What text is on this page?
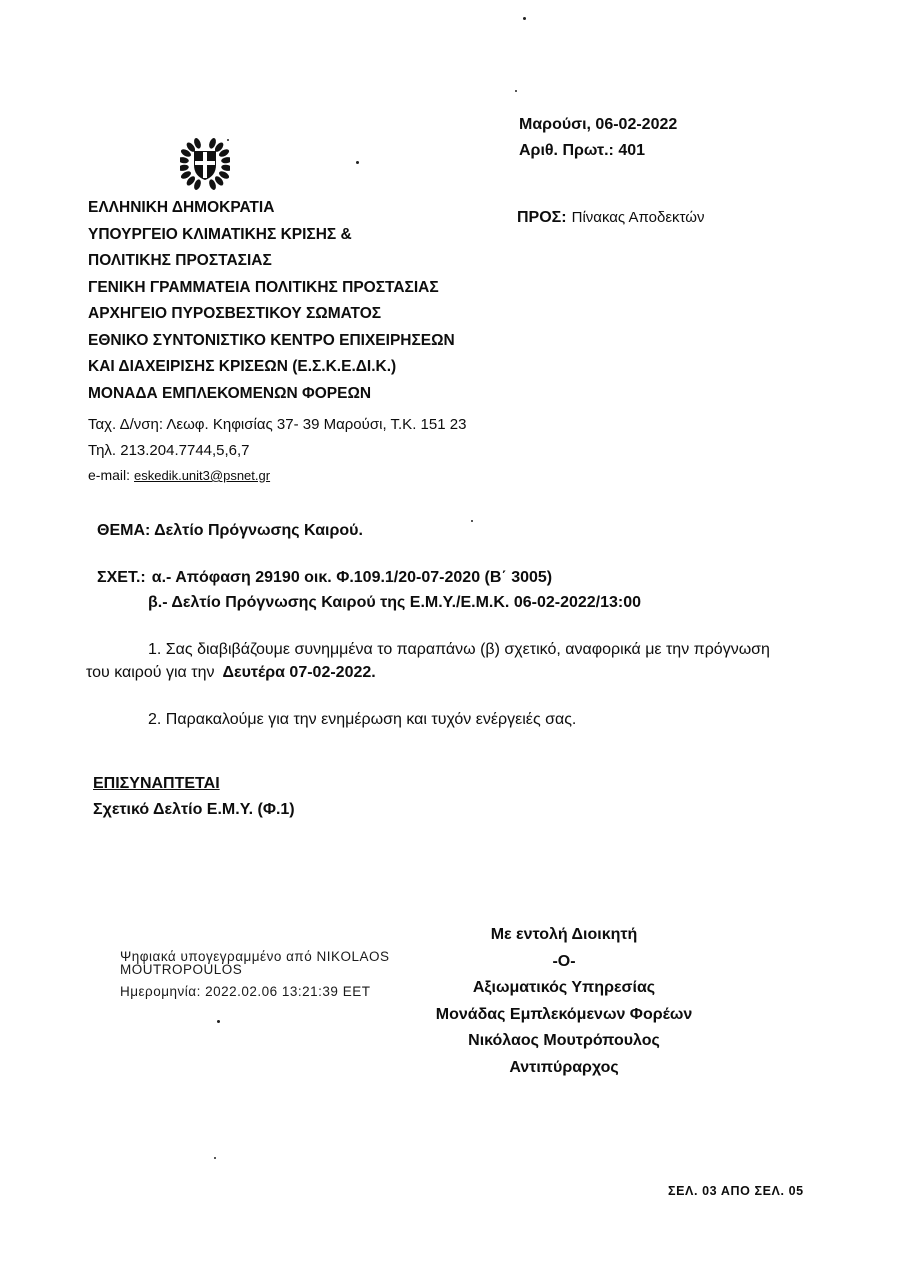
Μαρούσι, 06-02-2022
Αριθ. Πρωτ.: 401
ΠΡΟΣ: Πίνακας Αποδεκτών
ΕΛΛΗΝΙΚΗ ΔΗΜΟΚΡΑΤΙΑ
ΥΠΟΥΡΓΕΙΟ ΚΛΙΜΑΤΙΚΗΣ ΚΡΙΣΗΣ &
ΠΟΛΙΤΙΚΗΣ ΠΡΟΣΤΑΣΙΑΣ
ΓΕΝΙΚΗ ΓΡΑΜΜΑΤΕΙΑ ΠΟΛΙΤΙΚΗΣ ΠΡΟΣΤΑΣΙΑΣ
ΑΡΧΗΓΕΙΟ ΠΥΡΟΣΒΕΣΤΙΚΟΥ ΣΩΜΑΤΟΣ
ΕΘΝΙΚΟ ΣΥΝΤΟΝΙΣΤΙΚΟ ΚΕΝΤΡΟ ΕΠΙΧΕΙΡΗΣΕΩΝ
ΚΑΙ ΔΙΑΧΕΙΡΙΣΗΣ ΚΡΙΣΕΩΝ (Ε.Σ.Κ.Ε.ΔΙ.Κ.)
ΜΟΝΑΔΑ ΕΜΠΛΕΚΟΜΕΝΩΝ ΦΟΡΕΩΝ
Ταχ. Δ/νση: Λεωφ. Κηφισίας 37- 39 Μαρούσι, Τ.Κ. 151 23
Τηλ. 213.204.7744,5,6,7
e-mail: eskedik.unit3@psnet.gr
ΘΕΜΑ: Δελτίο Πρόγνωσης Καιρού.
ΣΧΕΤ.: α.- Απόφαση 29190 οικ. Φ.109.1/20-07-2020 (Β΄ 3005)
β.- Δελτίο Πρόγνωσης Καιρού της Ε.Μ.Υ./Ε.Μ.Κ. 06-02-2022/13:00
1. Σας διαβιβάζουμε συνημμένα το παραπάνω (β) σχετικό, αναφορικά με την πρόγνωση
του καιρού για την Δευτέρα 07-02-2022.
2. Παρακαλούμε για την ενημέρωση και τυχόν ενέργειές σας.
ΕΠΙΣΥΝΑΠΤΕΤΑΙ
Σχετικό Δελτίο Ε.Μ.Υ. (Φ.1)
Ψηφιακά υπογεγραμμένο από NIKOLAOS
MOUTROPOULOS
Ημερομηνία: 2022.02.06 13:21:39 EET
Με εντολή Διοικητή
-Ο-
Αξιωματικός Υπηρεσίας
Μονάδας Εμπλεκόμενων Φορέων
Νικόλαος Μουτρόπουλος
Αντιπύραρχος
ΣΕΛ. 03 ΑΠΟ ΣΕΛ. 05
